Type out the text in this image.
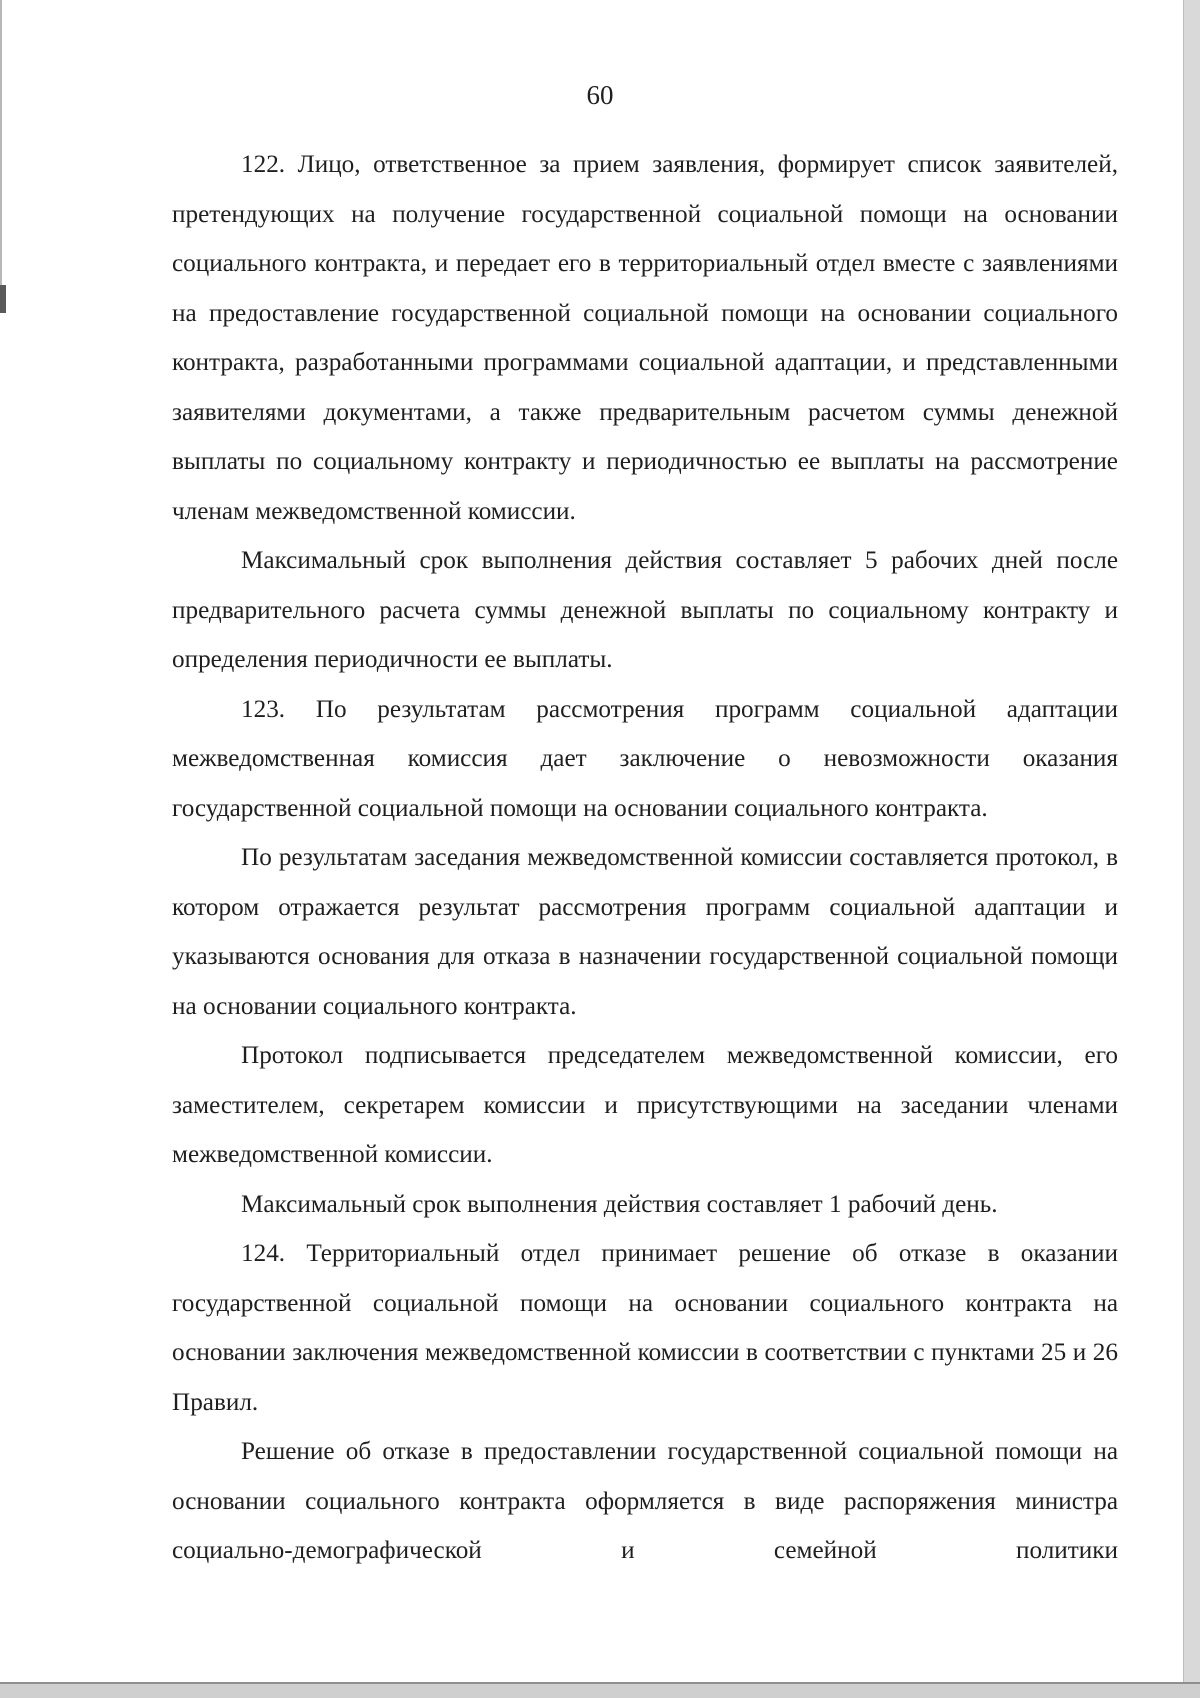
60

122. Лицо, ответственное за прием заявления, формирует список заявителей, претендующих на получение государственной социальной помощи на основании социального контракта, и передает его в территориальный отдел вместе с заявлениями на предоставление государственной социальной помощи на основании социального контракта, разработанными программами социальной адаптации, и представленными заявителями документами, а также предварительным расчетом суммы денежной выплаты по социальному контракту и периодичностью ее выплаты на рассмотрение членам межведомственной комиссии.

Максимальный срок выполнения действия составляет 5 рабочих дней после предварительного расчета суммы денежной выплаты по социальному контракту и определения периодичности ее выплаты.

123. По результатам рассмотрения программ социальной адаптации межведомственная комиссия дает заключение о невозможности оказания государственной социальной помощи на основании социального контракта.

По результатам заседания межведомственной комиссии составляется протокол, в котором отражается результат рассмотрения программ социальной адаптации и указываются основания для отказа в назначении государственной социальной помощи на основании социального контракта.

Протокол подписывается председателем межведомственной комиссии, его заместителем, секретарем комиссии и присутствующими на заседании членами межведомственной комиссии.

Максимальный срок выполнения действия составляет 1 рабочий день.

124. Территориальный отдел принимает решение об отказе в оказании государственной социальной помощи на основании социального контракта на основании заключения межведомственной комиссии в соответствии с пунктами 25 и 26 Правил.

Решение об отказе в предоставлении государственной социальной помощи на основании социального контракта оформляется в виде распоряжения министра социально-демографической и семейной политики
